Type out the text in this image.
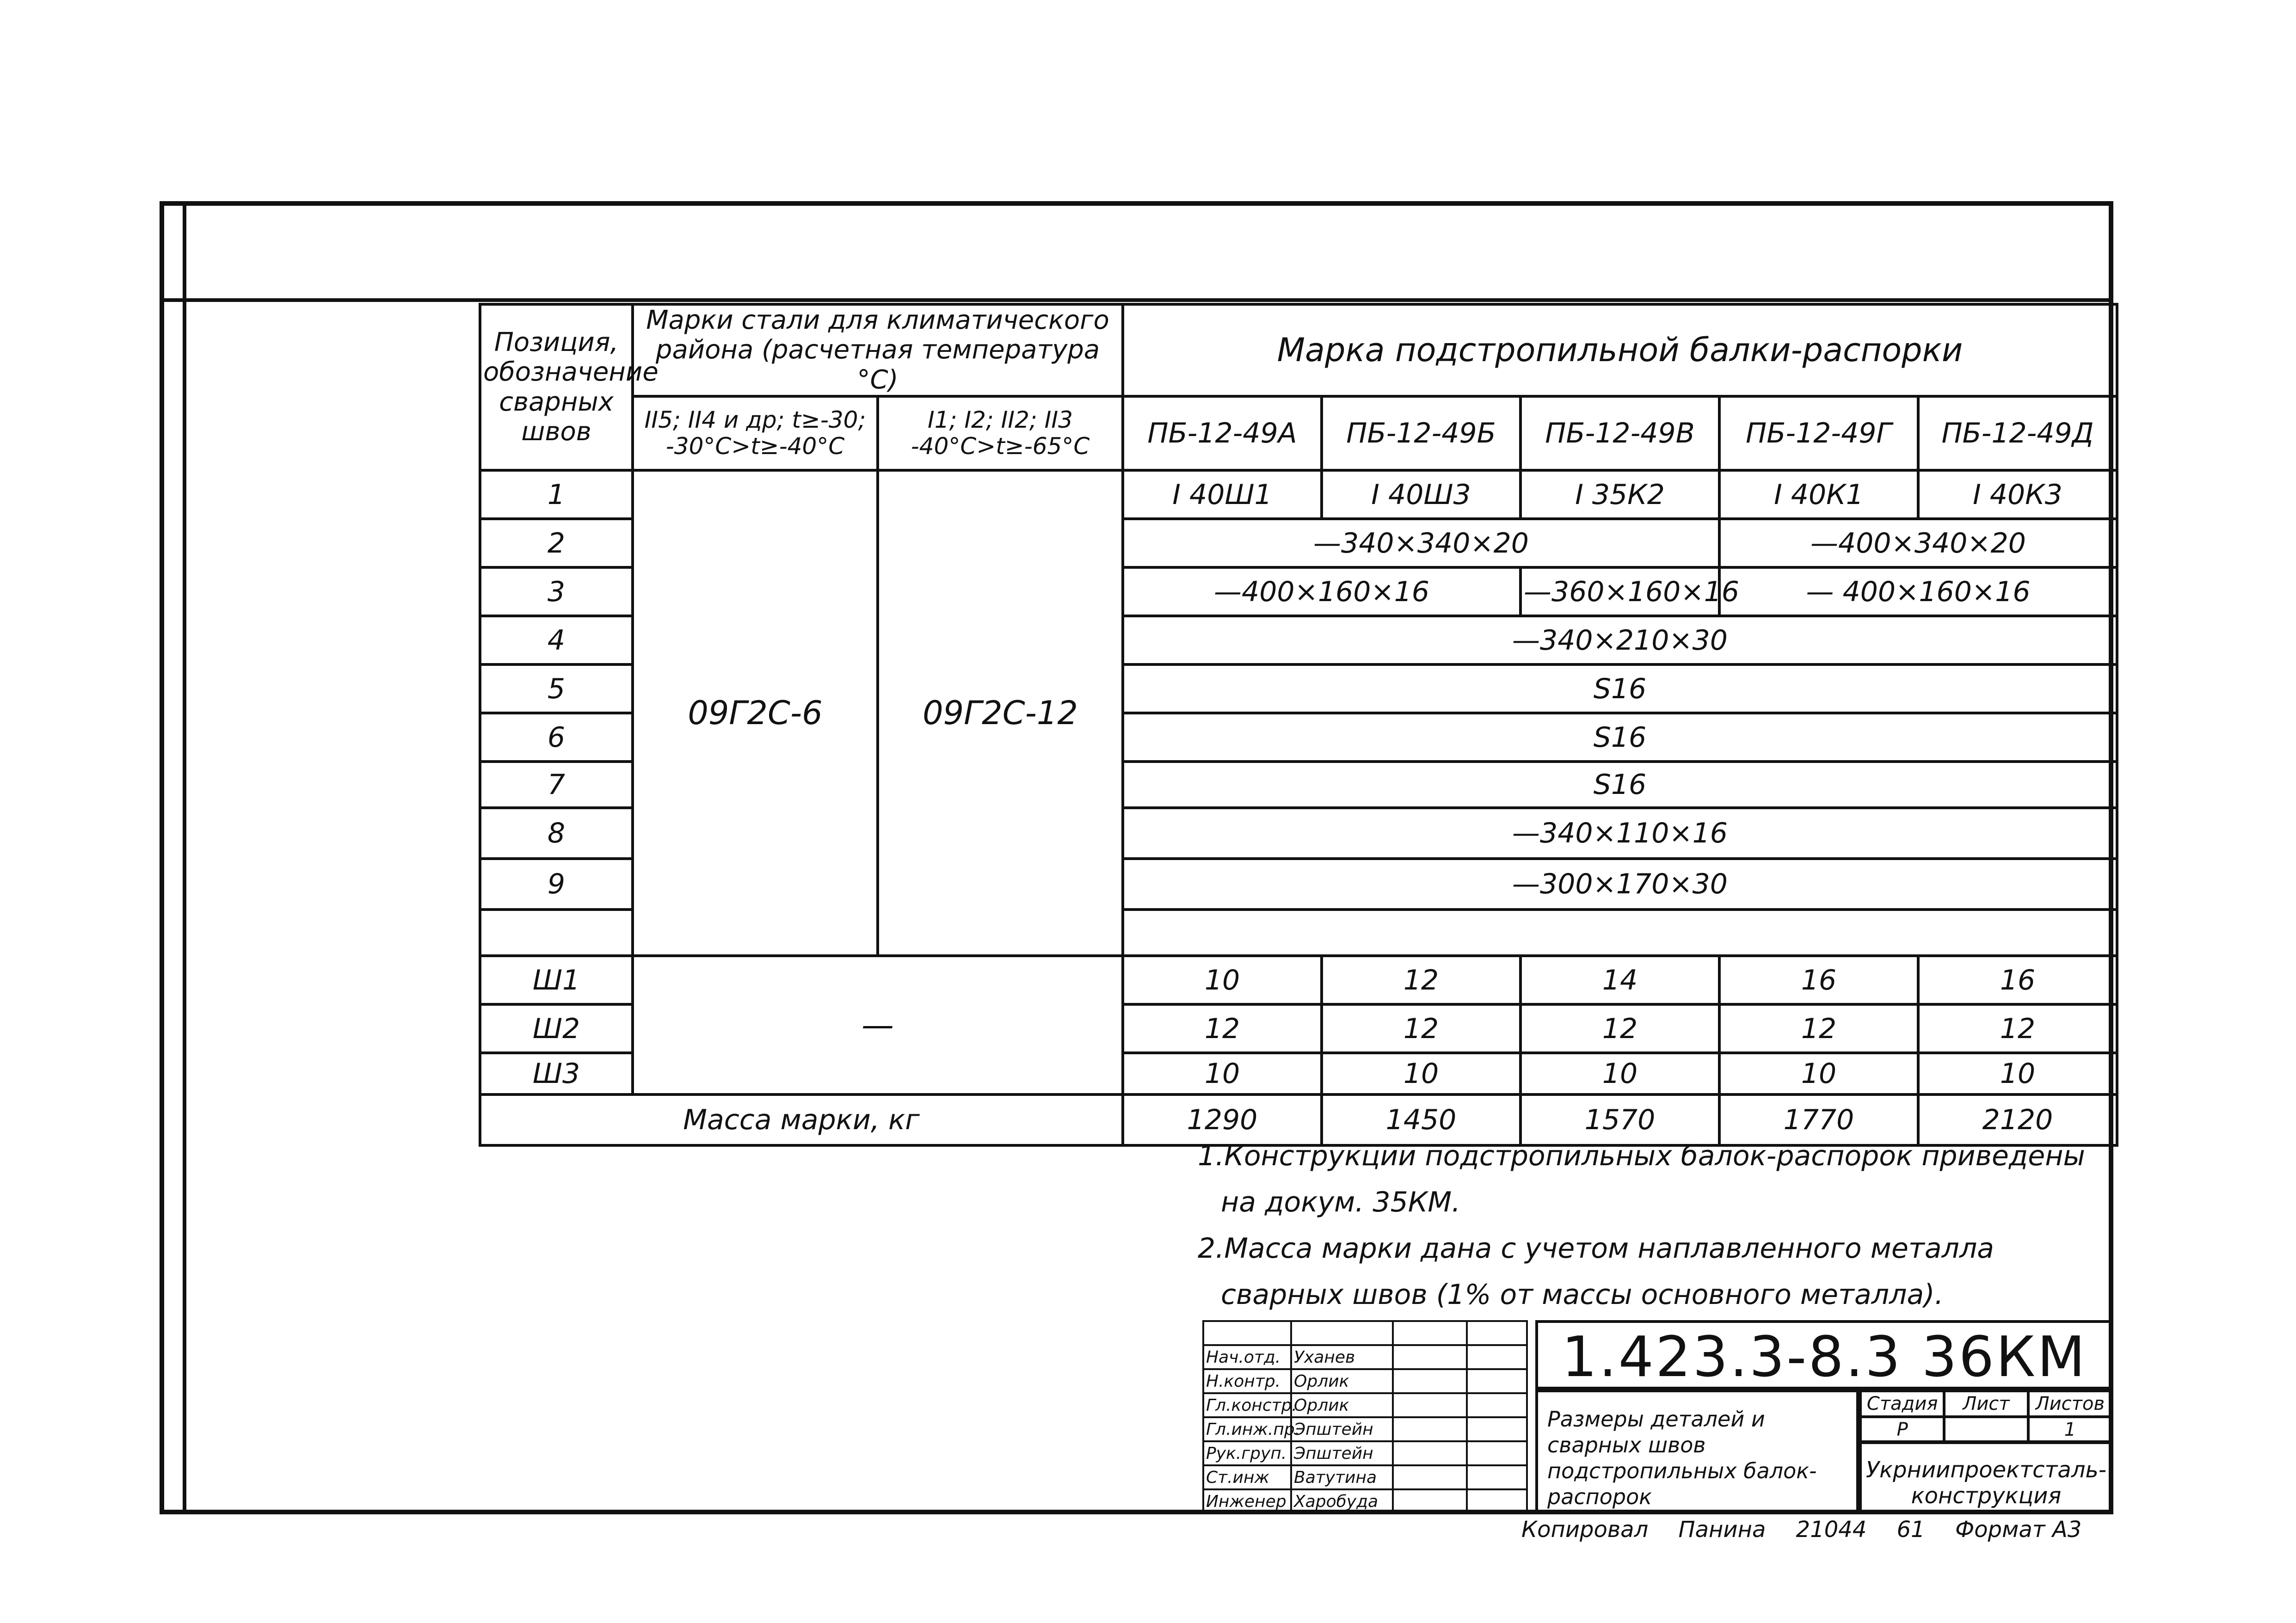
Позиция, обозначение сварных швов	Марки стали для климатического района (расчетная температура °С)		Марка подстропильной балки-распорки				
	II5; II4 и др; t≥-30; -30°C>t≥-40°C	I1; I2; II2; II3 -40°C>t≥-65°C	ПБ-12-49А	ПБ-12-49Б	ПБ-12-49В	ПБ-12-49Г	ПБ-12-49Д
1	09Г2С-6	09Г2С-12	I 40Ш1	I 40Ш3	I 35К2	I 40К1	I 40К3
2			—340×340×20			—400×340×20	
3			—400×160×16		—360×160×16	— 400×160×16	
4			—340×210×30				
5			S16				
6			S16				
7			S16				
8			—340×110×16				
9			—300×170×30				

Ш1	—		10	12	14	16	16
Ш2			12	12	12	12	12
Ш3			10	10	10	10	10
Масса марки, кг			1290	1450	1570	1770	2120

1.Конструкции подстропильных балок-распорок приведены

на докум. 35КМ.

2.Масса марки дана с учетом наплавленного металла

сварных швов (1% от массы основного металла).

Нач.отд.	Уханев		
Н.контр.	Орлик		
Гл.констр.	Орлик		
Гл.инж.пр.	Эпштейн		
Рук.груп.	Эпштейн		
Ст.инж	Ватутина		
Инженер	Харобуда		
1.423.3-8.3 36КМ
Размеры деталей и сварных швов подстропильных балок-распорок
Стадия	Лист	Листов
Р		1
Укрниипроектсталь-конструкция
Копировал Панина 21044 61 Формат А3
